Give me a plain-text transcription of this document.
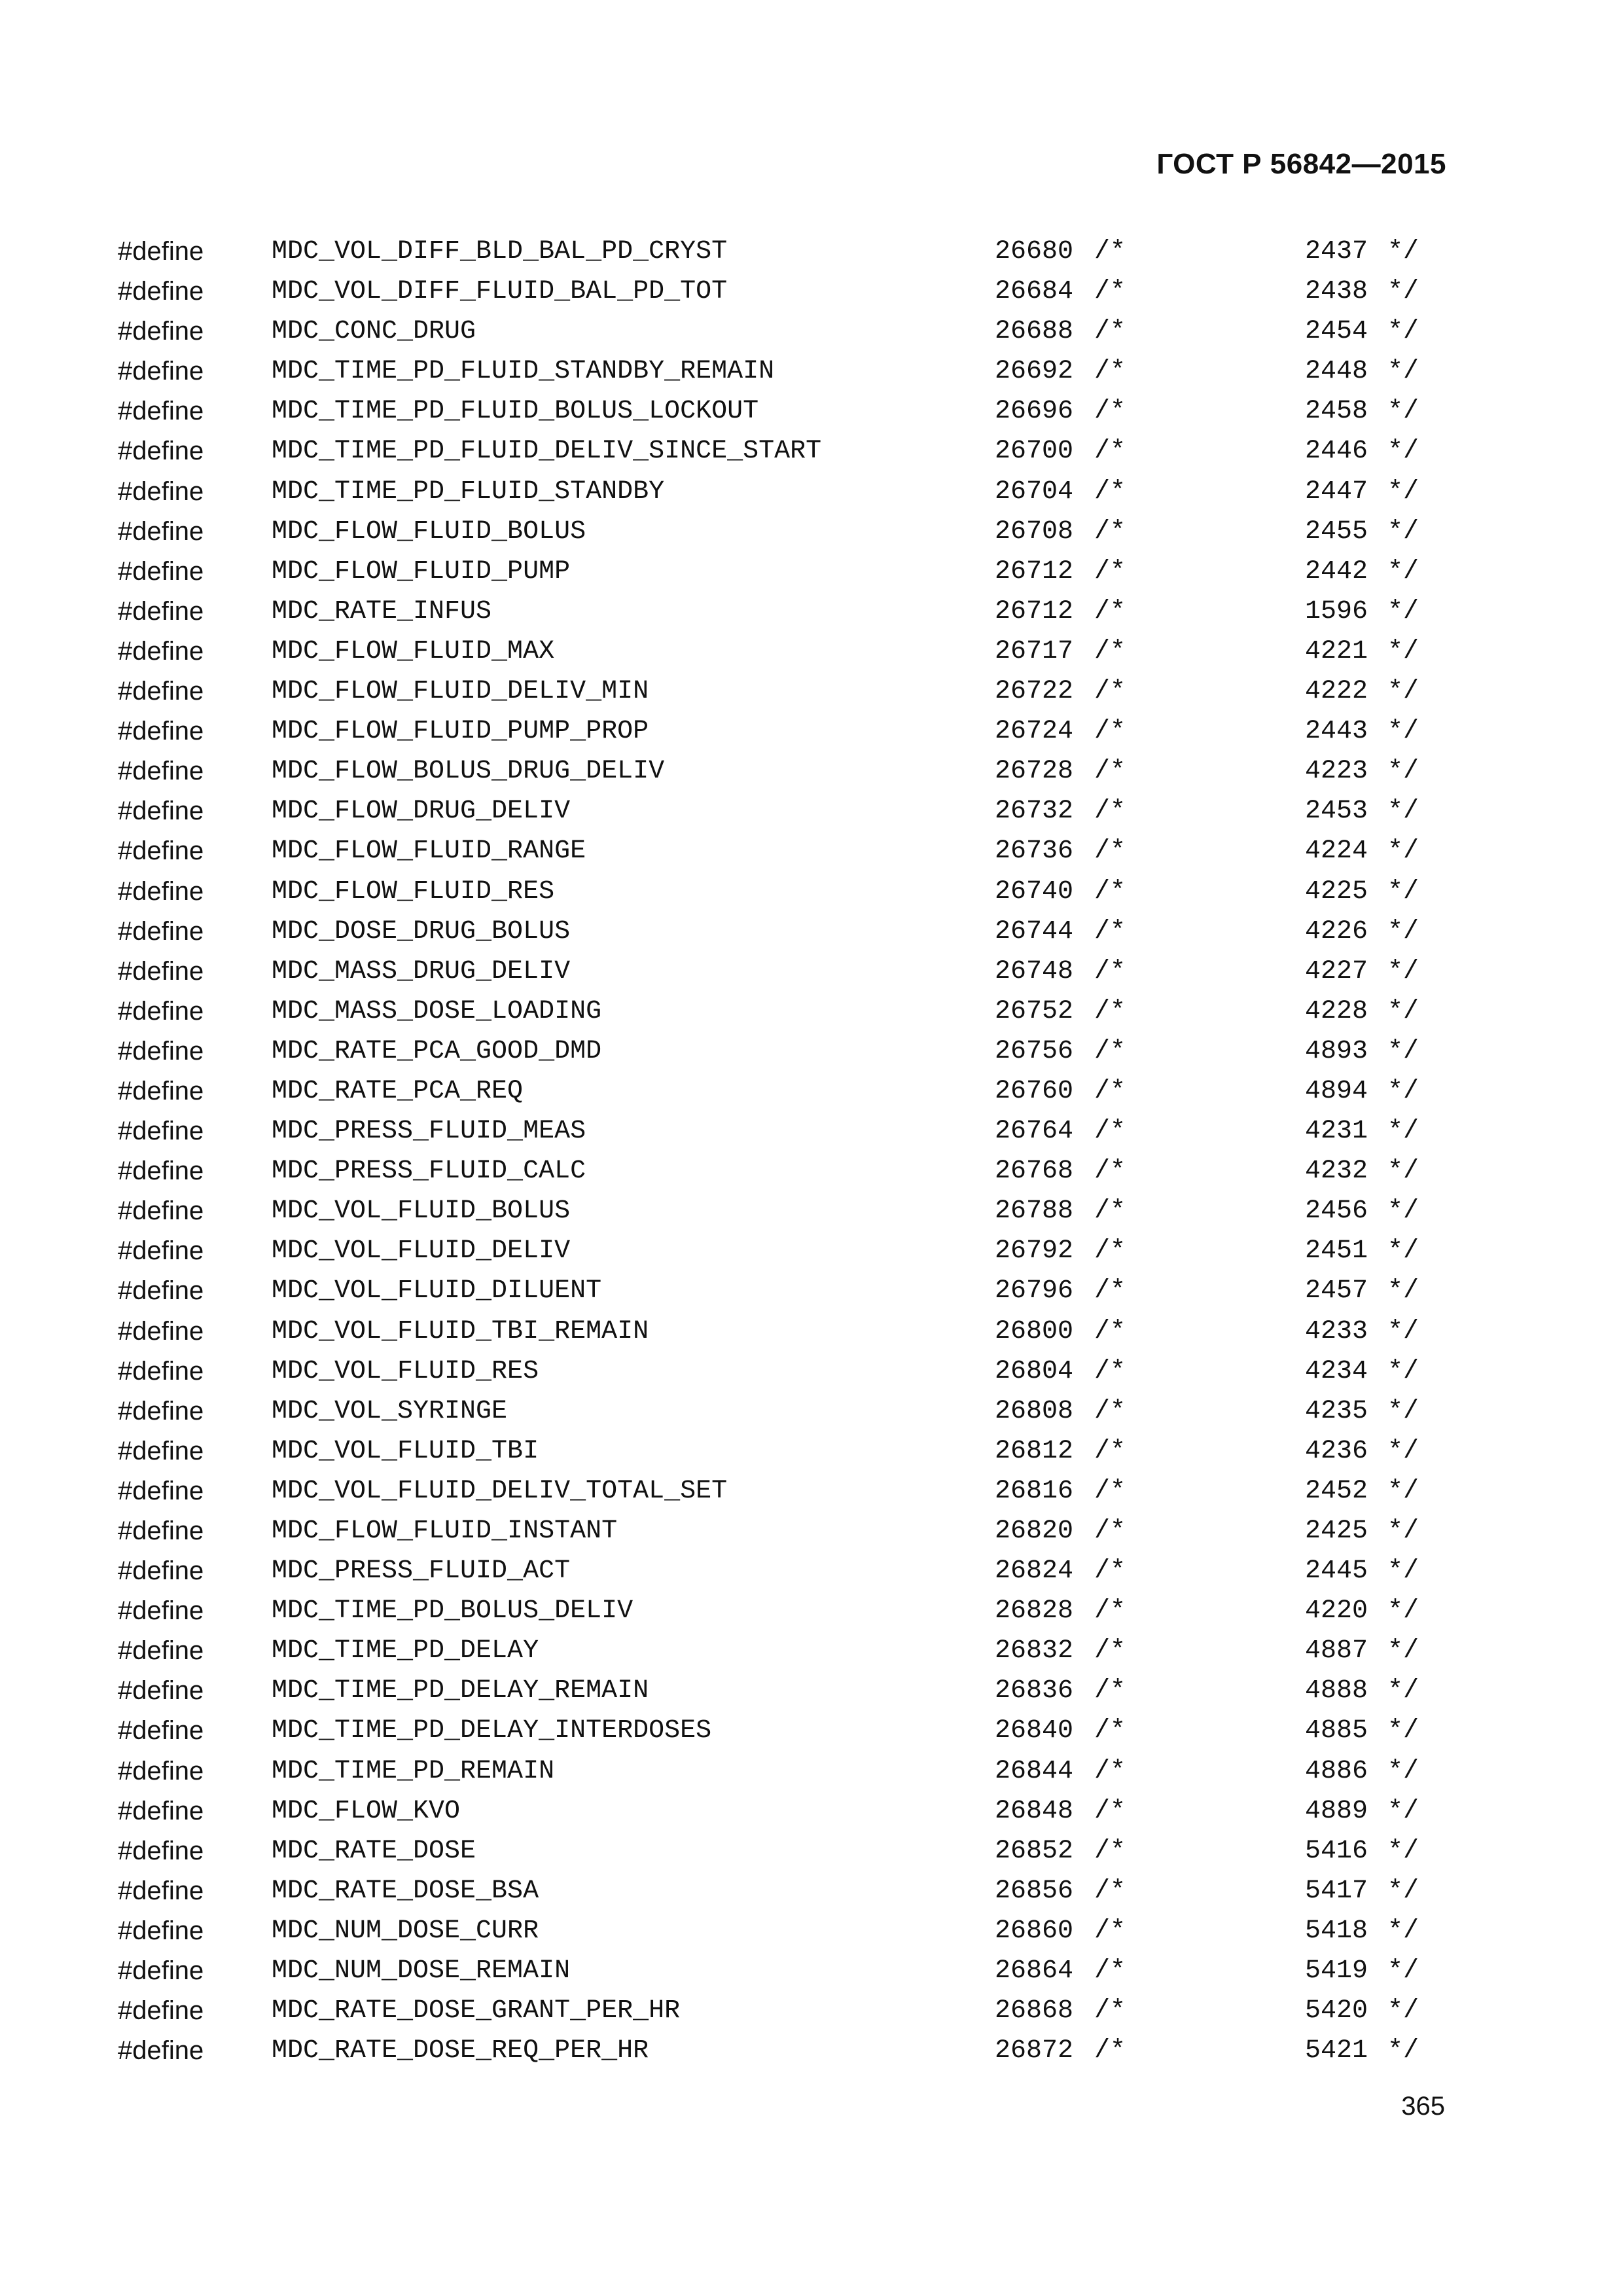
ГОСТ Р 56842—2015
#define	MDC_VOL_DIFF_BLD_BAL_PD_CRYST	26680 /*	2437 */
#define	MDC_VOL_DIFF_FLUID_BAL_PD_TOT	26684 /*	2438 */
#define	MDC_CONC_DRUG	26688 /*	2454 */
#define	MDC_TIME_PD_FLUID_STANDBY_REMAIN	26692 /*	2448 */
#define	MDC_TIME_PD_FLUID_BOLUS_LOCKOUT	26696 /*	2458 */
#define	MDC_TIME_PD_FLUID_DELIV_SINCE_START	26700 /*	2446 */
#define	MDC_TIME_PD_FLUID_STANDBY	26704 /*	2447 */
#define	MDC_FLOW_FLUID_BOLUS	26708 /*	2455 */
#define	MDC_FLOW_FLUID_PUMP	26712 /*	2442 */
#define	MDC_RATE_INFUS	26712 /*	1596 */
#define	MDC_FLOW_FLUID_MAX	26717 /*	4221 */
#define	MDC_FLOW_FLUID_DELIV_MIN	26722 /*	4222 */
#define	MDC_FLOW_FLUID_PUMP_PROP	26724 /*	2443 */
#define	MDC_FLOW_BOLUS_DRUG_DELIV	26728 /*	4223 */
#define	MDC_FLOW_DRUG_DELIV	26732 /*	2453 */
#define	MDC_FLOW_FLUID_RANGE	26736 /*	4224 */
#define	MDC_FLOW_FLUID_RES	26740 /*	4225 */
#define	MDC_DOSE_DRUG_BOLUS	26744 /*	4226 */
#define	MDC_MASS_DRUG_DELIV	26748 /*	4227 */
#define	MDC_MASS_DOSE_LOADING	26752 /*	4228 */
#define	MDC_RATE_PCA_GOOD_DMD	26756 /*	4893 */
#define	MDC_RATE_PCA_REQ	26760 /*	4894 */
#define	MDC_PRESS_FLUID_MEAS	26764 /*	4231 */
#define	MDC_PRESS_FLUID_CALC	26768 /*	4232 */
#define	MDC_VOL_FLUID_BOLUS	26788 /*	2456 */
#define	MDC_VOL_FLUID_DELIV	26792 /*	2451 */
#define	MDC_VOL_FLUID_DILUENT	26796 /*	2457 */
#define	MDC_VOL_FLUID_TBI_REMAIN	26800 /*	4233 */
#define	MDC_VOL_FLUID_RES	26804 /*	4234 */
#define	MDC_VOL_SYRINGE	26808 /*	4235 */
#define	MDC_VOL_FLUID_TBI	26812 /*	4236 */
#define	MDC_VOL_FLUID_DELIV_TOTAL_SET	26816 /*	2452 */
#define	MDC_FLOW_FLUID_INSTANT	26820 /*	2425 */
#define	MDC_PRESS_FLUID_ACT	26824 /*	2445 */
#define	MDC_TIME_PD_BOLUS_DELIV	26828 /*	4220 */
#define	MDC_TIME_PD_DELAY	26832 /*	4887 */
#define	MDC_TIME_PD_DELAY_REMAIN	26836 /*	4888 */
#define	MDC_TIME_PD_DELAY_INTERDOSES	26840 /*	4885 */
#define	MDC_TIME_PD_REMAIN	26844 /*	4886 */
#define	MDC_FLOW_KVO	26848 /*	4889 */
#define	MDC_RATE_DOSE	26852 /*	5416 */
#define	MDC_RATE_DOSE_BSA	26856 /*	5417 */
#define	MDC_NUM_DOSE_CURR	26860 /*	5418 */
#define	MDC_NUM_DOSE_REMAIN	26864 /*	5419 */
#define	MDC_RATE_DOSE_GRANT_PER_HR	26868 /*	5420 */
#define	MDC_RATE_DOSE_REQ_PER_HR	26872 /*	5421 */
365
